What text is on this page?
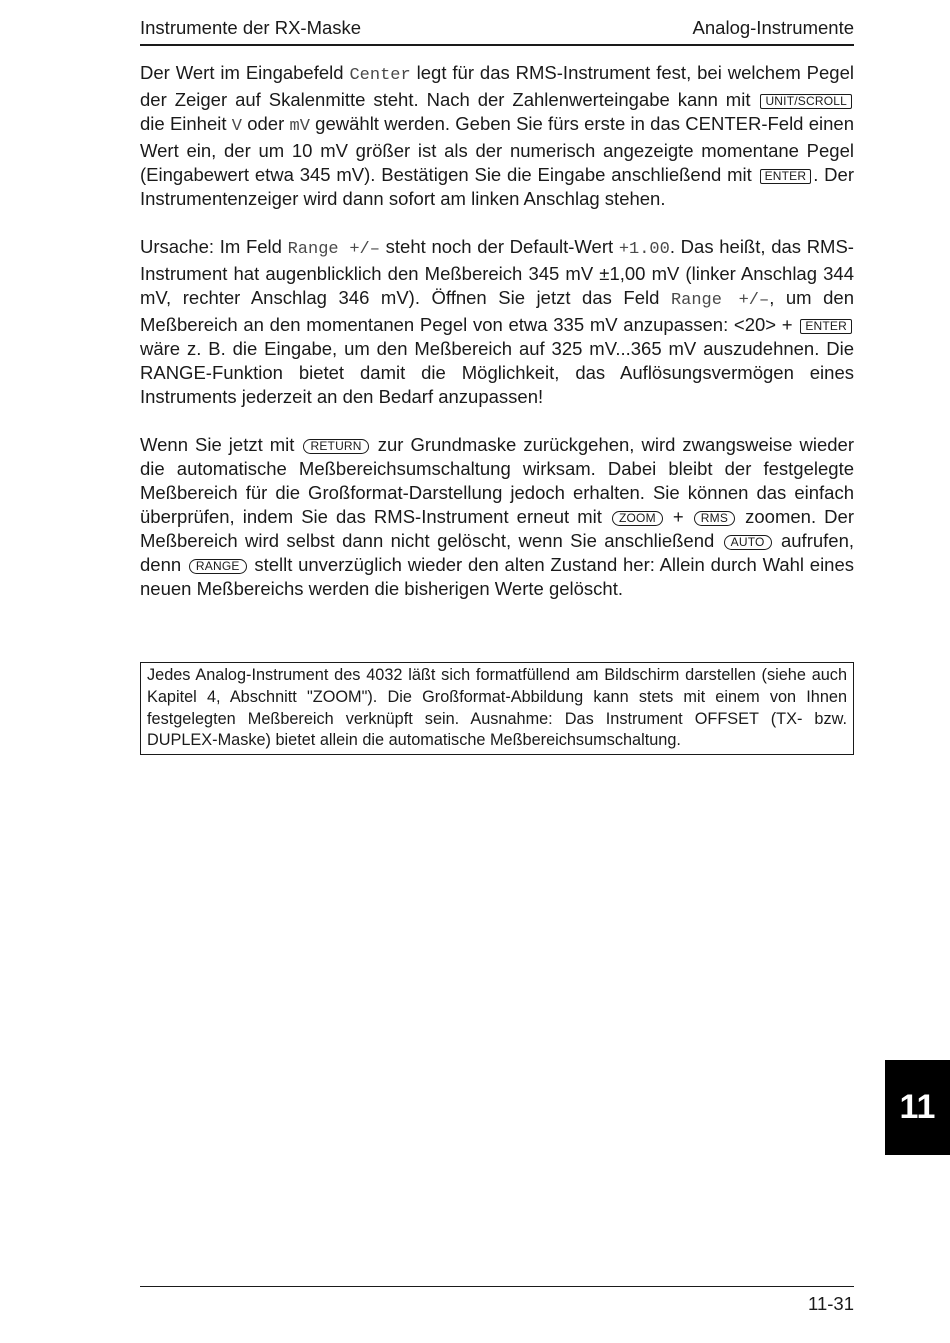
Instrumente der RX-Maske	Analog-Instrumente

Der Wert im Eingabefeld Center legt für das RMS-Instrument fest, bei welchem Pegel der Zeiger auf Skalenmitte steht. Nach der Zahlenwerteingabe kann mit UNIT/SCROLL die Einheit V oder mV gewählt werden. Geben Sie fürs erste in das CENTER-Feld einen Wert ein, der um 10 mV größer ist als der numerisch angezeigte momentane Pegel (Eingabewert etwa 345 mV). Bestätigen Sie die Eingabe anschließend mit ENTER . Der Instrumentenzeiger wird dann sofort am linken Anschlag stehen.

Ursache: Im Feld Range +/– steht noch der Default-Wert +1.00. Das heißt, das RMS-Instrument hat augenblicklich den Meßbereich 345 mV ±1,00 mV (linker Anschlag 344 mV, rechter Anschlag 346 mV). Öffnen Sie jetzt das Feld Range +/–, um den Meßbereich an den momentanen Pegel von etwa 335 mV anzupassen: <20> + ENTER wäre z. B. die Eingabe, um den Meßbereich auf 325 mV...365 mV auszudehnen. Die RANGE-Funktion bietet damit die Möglichkeit, das Auflösungsvermögen eines Instruments jederzeit an den Bedarf anzupassen!

Wenn Sie jetzt mit RETURN zur Grundmaske zurückgehen, wird zwangsweise wieder die automatische Meßbereichsumschaltung wirksam. Dabei bleibt der festgelegte Meßbereich für die Großformat-Darstellung jedoch erhalten. Sie können das einfach überprüfen, indem Sie das RMS-Instrument erneut mit ZOOM + RMS zoomen. Der Meßbereich wird selbst dann nicht gelöscht, wenn Sie anschließend AUTO aufrufen, denn RANGE stellt unverzüglich wieder den alten Zustand her: Allein durch Wahl eines neuen Meßbereichs werden die bisherigen Werte gelöscht.

Jedes Analog-Instrument des 4032 läßt sich formatfüllend am Bildschirm darstellen (siehe auch Kapitel 4, Abschnitt "ZOOM"). Die Großformat-Abbildung kann stets mit einem von Ihnen festgelegten Meßbereich verknüpft sein. Ausnahme: Das Instrument OFFSET (TX- bzw. DUPLEX-Maske) bietet allein die automatische Meßbereichsumschaltung.
11
11-31
